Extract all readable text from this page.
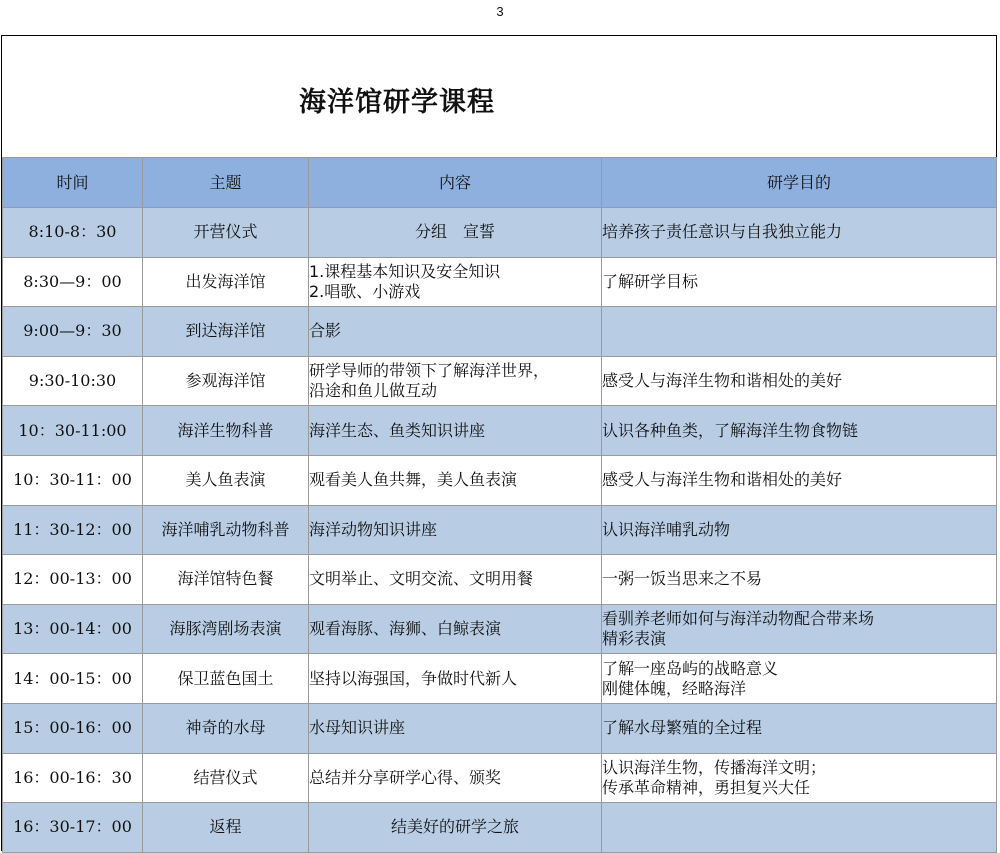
3
海洋馆研学课程
时间	主题	内容	研学目的
8:10-8：30	开营仪式	分组　宣誓	培养孩子责任意识与自我独立能力

8:30—9：00	出发海洋馆	1.课程基本知识及安全知识
2.唱歌、小游戏	了解研学目标

9:00—9：30	到达海洋馆	合影	

9:30-10:30	参观海洋馆	研学导师的带领下了解海洋世界，
沿途和鱼儿做互动	感受人与海洋生物和谐相处的美好

10：30-11:00	海洋生物科普	海洋生态、鱼类知识讲座	认识各种鱼类，了解海洋生物食物链

10：30-11：00	美人鱼表演	观看美人鱼共舞，美人鱼表演	感受人与海洋生物和谐相处的美好

11：30-12：00	海洋哺乳动物科普	海洋动物知识讲座	认识海洋哺乳动物

12：00-13：00	海洋馆特色餐	文明举止、文明交流、文明用餐	一粥一饭当思来之不易

13：00-14：00	海豚湾剧场表演	观看海豚、海狮、白鲸表演	看驯养老师如何与海洋动物配合带来场
精彩表演

14：00-15：00	保卫蓝色国土	坚持以海强国，争做时代新人	了解一座岛屿的战略意义
刚健体魄，经略海洋

15：00-16：00	神奇的水母	水母知识讲座	了解水母繁殖的全过程

16：00-16：30	结营仪式	总结并分享研学心得、颁奖	认识海洋生物，传播海洋文明；
传承革命精神，勇担复兴大任

16：30-17：00	返程	结美好的研学之旅	
